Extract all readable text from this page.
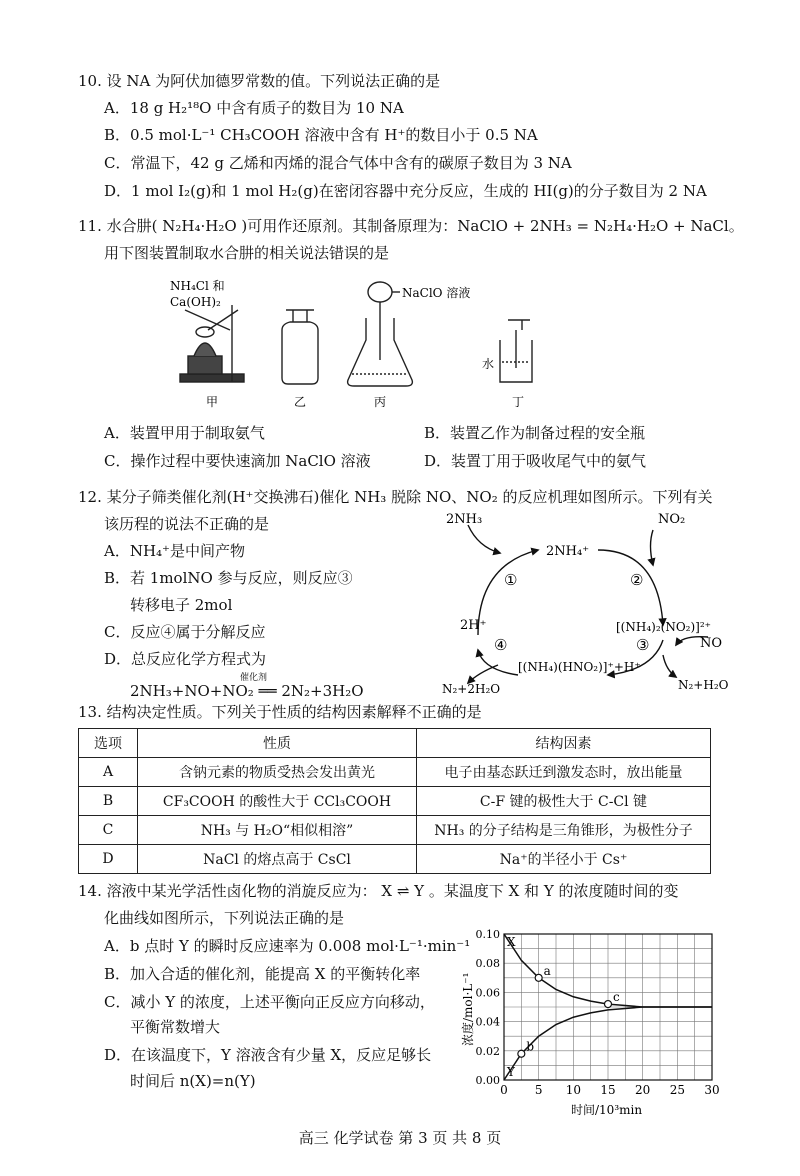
10. 设 NA 为阿伏加德罗常数的值。下列说法正确的是
A．18 g H₂¹⁸O 中含有质子的数目为 10 NA
B．0.5 mol·L⁻¹ CH₃COOH 溶液中含有 H⁺的数目小于 0.5 NA
C．常温下，42 g 乙烯和丙烯的混合气体中含有的碳原子数目为 3 NA
D．1 mol I₂(g)和 1 mol H₂(g)在密闭容器中充分反应，生成的 HI(g)的分子数目为 2 NA
11. 水合肼( N₂H₄·H₂O )可用作还原剂。其制备原理为：NaClO + 2NH₃ = N₂H₄·H₂O + NaCl。
用下图装置制取水合肼的相关说法错误的是
NH₄Cl 和
Ca(OH)₂
NaClO 溶液
水
甲	乙	丙	丁
A．装置甲用于制取氨气	B．装置乙作为制备过程的安全瓶
C．操作过程中要快速滴加 NaClO 溶液	D．装置丁用于吸收尾气中的氨气
12. 某分子筛类催化剂(H⁺交换沸石)催化 NH₃ 脱除 NO、NO₂ 的反应机理如图所示。下列有关
该历程的说法不正确的是
A．NH₄⁺是中间产物
B．若 1molNO 参与反应，则反应③
转移电子 2mol
C．反应④属于分解反应
D．总反应化学方程式为
2NH₃+NO+NO₂ ══ 2N₂+3H₂O
催化剂
2NH₃	NO₂
2NH₄⁺
[(NH₄)₂(NO₂)]²⁺
2H⁺
NO
[(NH₄)(HNO₂)]⁺+H⁺
N₂+2H₂O	N₂+H₂O
①	②
③
④
13. 结构决定性质。下列关于性质的结构因素解释不正确的是
选项	性质	结构因素
A	含钠元素的物质受热会发出黄光	电子由基态跃迁到激发态时，放出能量
B	CF₃COOH 的酸性大于 CCl₃COOH	C-F 键的极性大于 C-Cl 键
C	NH₃ 与 H₂O“相似相溶”	NH₃ 的分子结构是三角锥形，为极性分子
D	NaCl 的熔点高于 CsCl	Na⁺的半径小于 Cs⁺
14. 溶液中某光学活性卤化物的消旋反应为： X ⇌ Y 。某温度下 X 和 Y 的浓度随时间的变
化曲线如图所示，下列说法正确的是
A．b 点时 Y 的瞬时反应速率为 0.008 mol·L⁻¹·min⁻¹
B．加入合适的催化剂，能提高 X 的平衡转化率
C．减小 Y 的浓度，上述平衡向正反应方向移动，
平衡常数增大
D．在该温度下，Y 溶液含有少量 X，反应足够长
时间后 n(X)=n(Y)
X
Y
a
b
c
0 5 10 15 20 25 30
0.00
0.02
0.04
0.06
0.08
0.10
浓度/mol·L⁻¹
时间/10³min
高三 化学试卷 第 3 页 共 8 页
